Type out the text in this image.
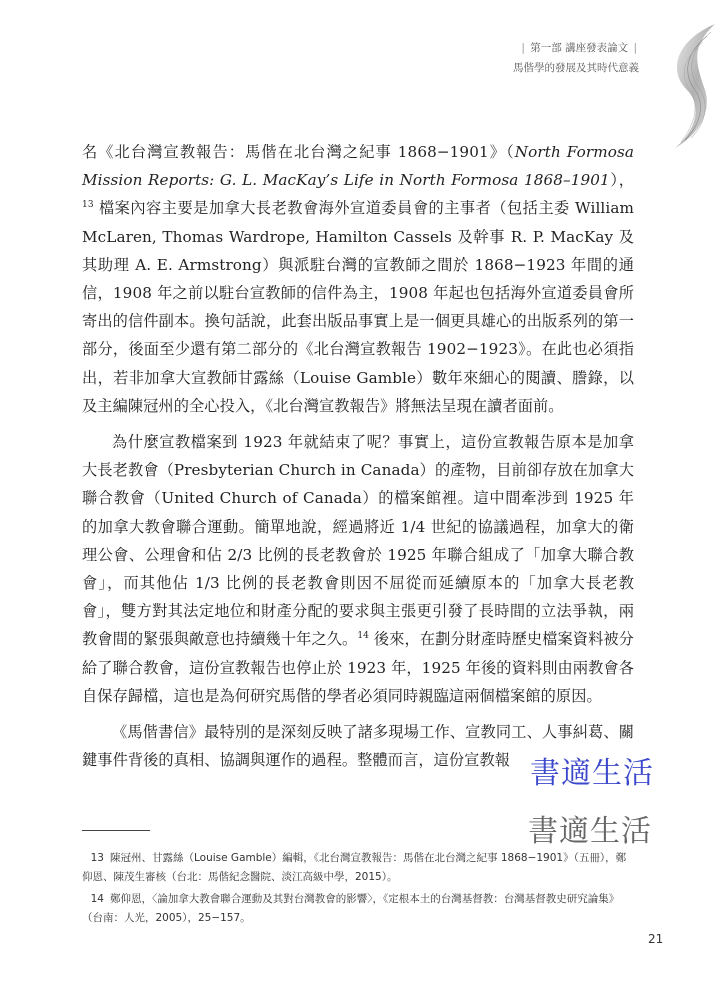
| 第一部 講座發表論文 |
馬偕學的發展及其時代意義

名《北台灣宣教報告：馬偕在北台灣之紀事 1868−1901》（North Formosa Mission Reports: G. L. MacKay’s Life in North Formosa 1868–1901），$^{13}$ 檔案內容主要是加拿大長老教會海外宣道委員會的主事者（包括主委 William McLaren, Thomas Wardrope, Hamilton Cassels 及幹事 R. P. MacKay 及其助理 A. E. Armstrong）與派駐台灣的宣教師之間於 1868−1923 年間的通信，1908 年之前以駐台宣教師的信件為主，1908 年起也包括海外宣道委員會所寄出的信件副本。換句話說，此套出版品事實上是一個更具雄心的出版系列的第一部分，後面至少還有第二部分的《北台灣宣教報告 1902−1923》。在此也必須指出，若非加拿大宣教師甘露絲（Louise Gamble）數年來細心的閱讀、謄錄，以及主編陳冠州的全心投入，《北台灣宣教報告》將無法呈現在讀者面前。

為什麼宣教檔案到 1923 年就結束了呢？事實上，這份宣教報告原本是加拿大長老教會（Presbyterian Church in Canada）的產物，目前卻存放在加拿大聯合教會（United Church of Canada）的檔案館裡。這中間牽涉到 1925 年的加拿大教會聯合運動。簡單地說，經過將近 1/4 世紀的協議過程，加拿大的衛理公會、公理會和佔 2/3 比例的長老教會於 1925 年聯合組成了「加拿大聯合教會」，而其他佔 1/3 比例的長老教會則因不屈從而延續原本的「加拿大長老教會」，雙方對其法定地位和財產分配的要求與主張更引發了長時間的立法爭執，兩教會間的緊張與敵意也持續幾十年之久。$^{14}$ 後來，在劃分財產時歷史檔案資料被分給了聯合教會，這份宣教報告也停止於 1923 年，1925 年後的資料則由兩教會各自保存歸檔，這也是為何研究馬偕的學者必須同時親臨這兩個檔案館的原因。

《馬偕書信》最特別的是深刻反映了諸多現場工作、宣教同工、人事糾葛、關鍵事件背後的真相、協調與運作的過程。整體而言，這份宣教報 書適生活
書適生活

13 陳冠州、甘露絲（Louise Gamble）編輯，《北台灣宣教報告：馬偕在北台灣之紀事 1868−1901》（五冊），鄭仰恩、陳茂生審核（台北：馬偕紀念醫院、淡江高級中學，2015）。

14 鄭仰恩，〈論加拿大教會聯合運動及其對台灣教會的影響〉，《定根本土的台灣基督教：台灣基督教史研究論集》（台南：人光，2005），25−157。

21
